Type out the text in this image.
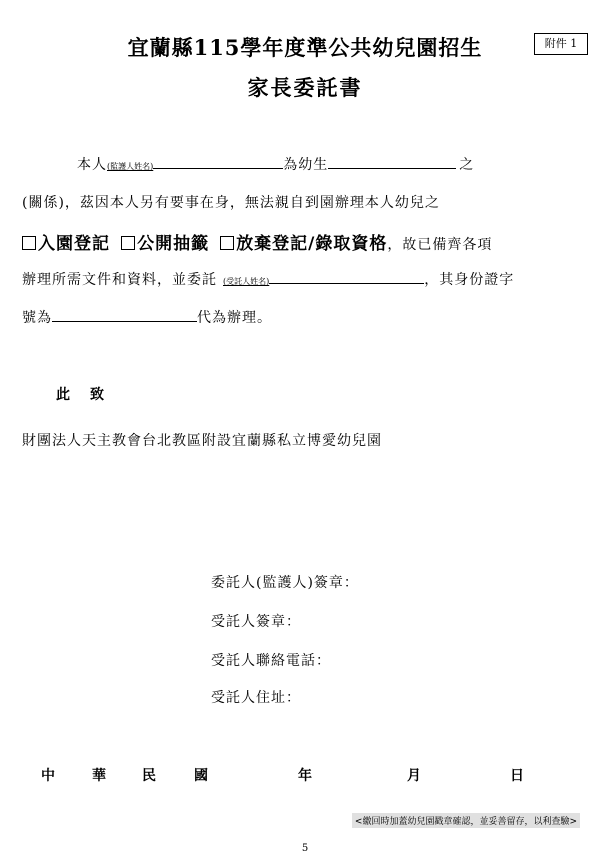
附件 1
宜蘭縣115學年度準公共幼兒園招生
家長委託書
本人(監護人姓名)	為幼生	之
(關係)，茲因本人另有要事在身，無法親自到園辦理本人幼兒之
入園登記 公開抽籤 放棄登記/錄取資格，故已備齊各項
辦理所需文件和資料，並委託 (受託人姓名)	，其身份證字
號為	代為辦理。
此　致
財團法人天主教會台北教區附設宜蘭縣私立博愛幼兒園
委託人(監護人)簽章：
受託人簽章：
受託人聯絡電話：
受託人住址：
中	華	民	國	年	月	日
<繳回時加蓋幼兒園戳章確認，並妥善留存，以利查驗>
5
